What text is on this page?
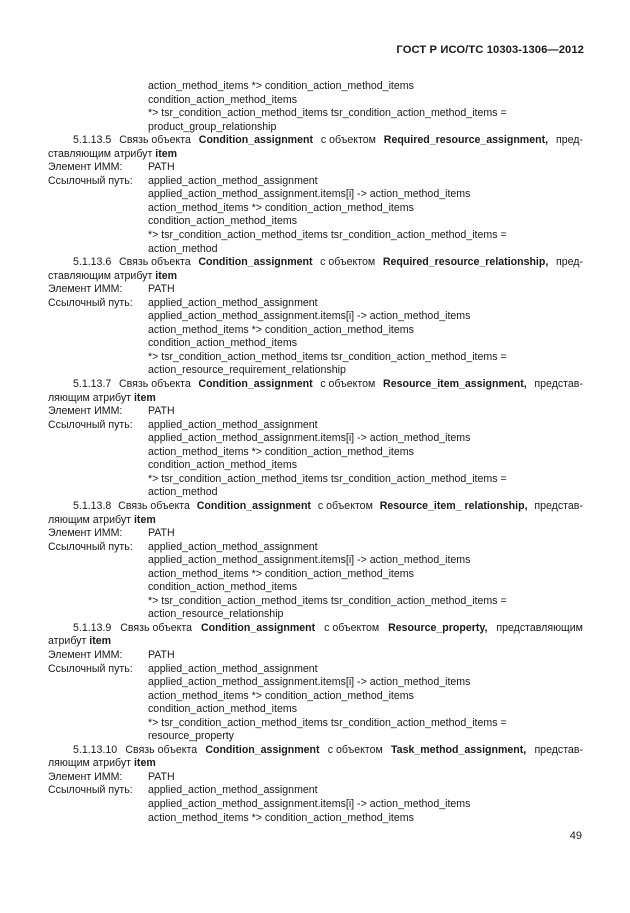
ГОСТ Р ИСО/ТС 10303-1306—2012
action_method_items *> condition_action_method_items
condition_action_method_items
*> tsr_condition_action_method_items tsr_condition_action_method_items =
product_group_relationship
5.1.13.5 Связь объекта Condition_assignment с объектом Required_resource_assignment, пред-
ставляющим атрибут item
Элемент ИММ: PATH
Ссылочный путь: applied_action_method_assignment
applied_action_method_assignment.items[i] -> action_method_items
action_method_items *> condition_action_method_items
condition_action_method_items
*> tsr_condition_action_method_items tsr_condition_action_method_items =
action_method
5.1.13.6 Связь объекта Condition_assignment с объектом Required_resource_relationship, пред-
ставляющим атрибут item
Элемент ИММ: PATH
Ссылочный путь: applied_action_method_assignment
applied_action_method_assignment.items[i] -> action_method_items
action_method_items *> condition_action_method_items
condition_action_method_items
*> tsr_condition_action_method_items tsr_condition_action_method_items =
action_resource_requirement_relationship
5.1.13.7 Связь объекта Condition_assignment с объектом Resource_item_assignment, представ-
ляющим атрибут item
Элемент ИММ: PATH
Ссылочный путь: applied_action_method_assignment
applied_action_method_assignment.items[i] -> action_method_items
action_method_items *> condition_action_method_items
condition_action_method_items
*> tsr_condition_action_method_items tsr_condition_action_method_items =
action_method
5.1.13.8 Связь объекта Condition_assignment с объектом Resource_item_ relationship, представ-
ляющим атрибут item
Элемент ИММ: PATH
Ссылочный путь: applied_action_method_assignment
applied_action_method_assignment.items[i] -> action_method_items
action_method_items *> condition_action_method_items
condition_action_method_items
*> tsr_condition_action_method_items tsr_condition_action_method_items =
action_resource_relationship
5.1.13.9 Связь объекта Condition_assignment с объектом Resource_property, представляющим
атрибут item
Элемент ИММ: PATH
Ссылочный путь: applied_action_method_assignment
applied_action_method_assignment.items[i] -> action_method_items
action_method_items *> condition_action_method_items
condition_action_method_items
*> tsr_condition_action_method_items tsr_condition_action_method_items =
resource_property
5.1.13.10 Связь объекта Condition_assignment с объектом Task_method_assignment, представ-
ляющим атрибут item
Элемент ИММ: PATH
Ссылочный путь: applied_action_method_assignment
applied_action_method_assignment.items[i] -> action_method_items
action_method_items *> condition_action_method_items
49
